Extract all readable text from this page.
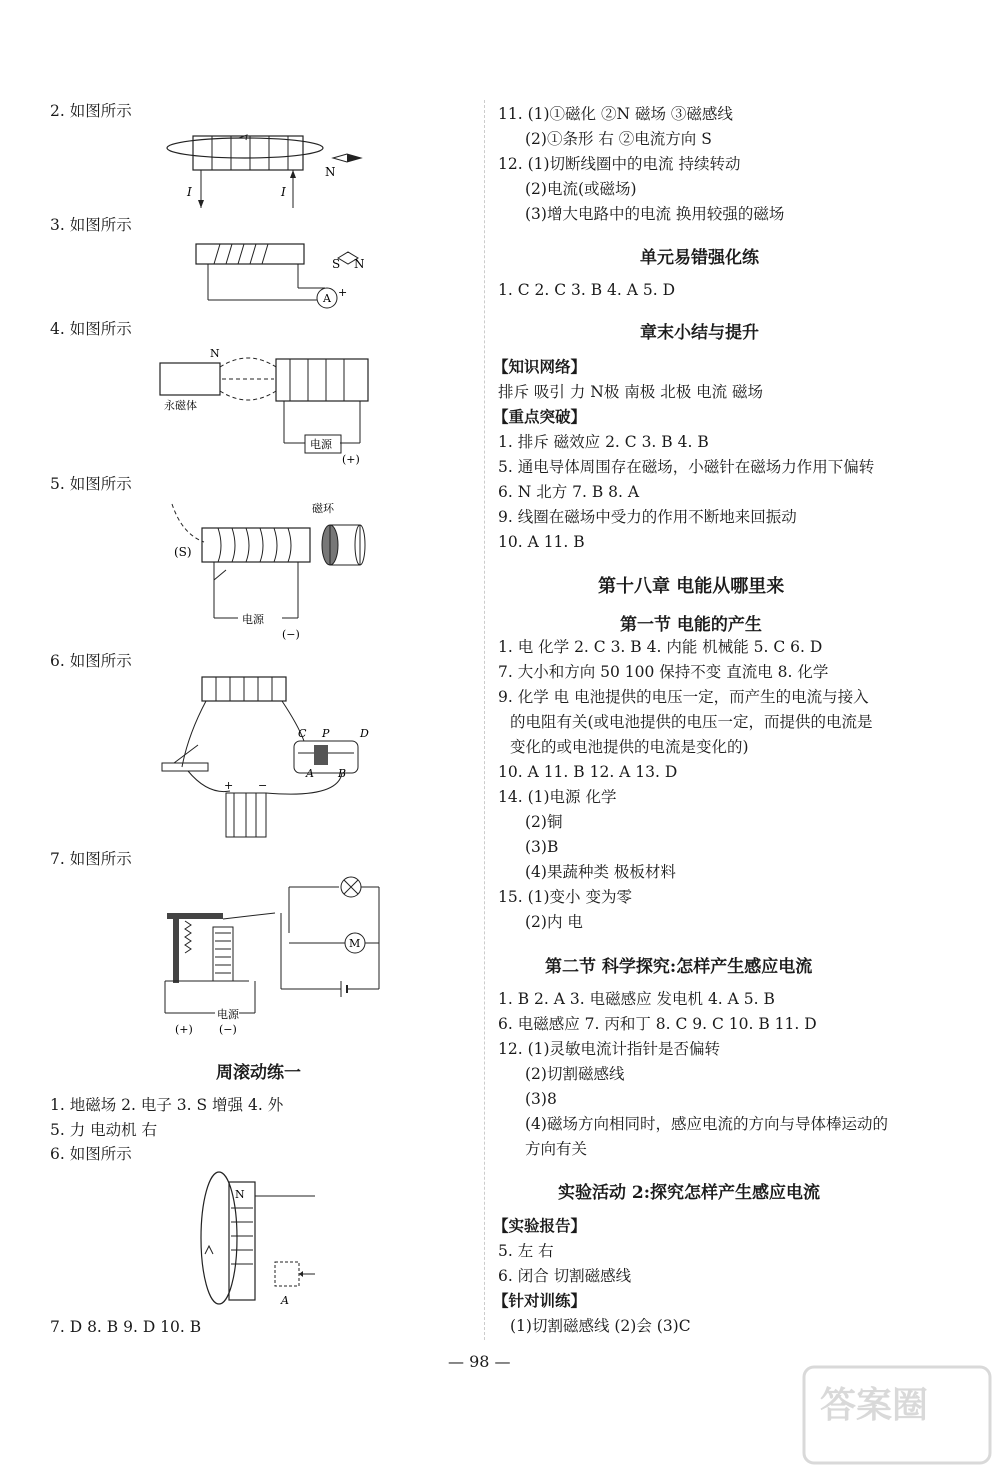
2. 如图所示
N
I	I
3. 如图所示
A +
S N
4. 如图所示
N
永磁体
电源
(+)
5. 如图所示
磁环
(S)
电源
(−)
6. 如图所示
C P	D
A B
+ −
7. 如图所示
电源
(+) (−)
M
周滚动练一
1. 地磁场 2. 电子 3. S 增强 4. 外
5. 力 电动机 右
6. 如图所示
N
A
7. D 8. B 9. D 10. B
11. (1)①磁化 ②N 磁场 ③磁感线
(2)①条形 右 ②电流方向 S
12. (1)切断线圈中的电流 持续转动
(2)电流(或磁场)
(3)增大电路中的电流 换用较强的磁场
单元易错强化练
1. C 2. C 3. B 4. A 5. D
章末小结与提升
【知识网络】
排斥 吸引 力 N极 南极 北极 电流 磁场
【重点突破】
1. 排斥 磁效应 2. C 3. B 4. B
5. 通电导体周围存在磁场，小磁针在磁场力作用下偏转
6. N 北方 7. B 8. A
9. 线圈在磁场中受力的作用不断地来回振动
10. A 11. B
第十八章 电能从哪里来
第一节 电能的产生
1. 电 化学 2. C 3. B 4. 内能 机械能 5. C 6. D
7. 大小和方向 50 100 保持不变 直流电 8. 化学
9. 化学 电 电池提供的电压一定，而产生的电流与接入
的电阻有关(或电池提供的电压一定，而提供的电流是
变化的或电池提供的电流是变化的)
10. A 11. B 12. A 13. D
14. (1)电源 化学
(2)铜
(3)B
(4)果蔬种类 极板材料
15. (1)变小 变为零
(2)内 电
第二节 科学探究:怎样产生感应电流
1. B 2. A 3. 电磁感应 发电机 4. A 5. B
6. 电磁感应 7. 丙和丁 8. C 9. C 10. B 11. D
12. (1)灵敏电流计指针是否偏转
(2)切割磁感线
(3)8
(4)磁场方向相同时，感应电流的方向与导体棒运动的
方向有关
实验活动 2:探究怎样产生感应电流
【实验报告】
5. 左 右
6. 闭合 切割磁感线
【针对训练】
(1)切割磁感线 (2)会 (3)C
— 98 —
答案圈
